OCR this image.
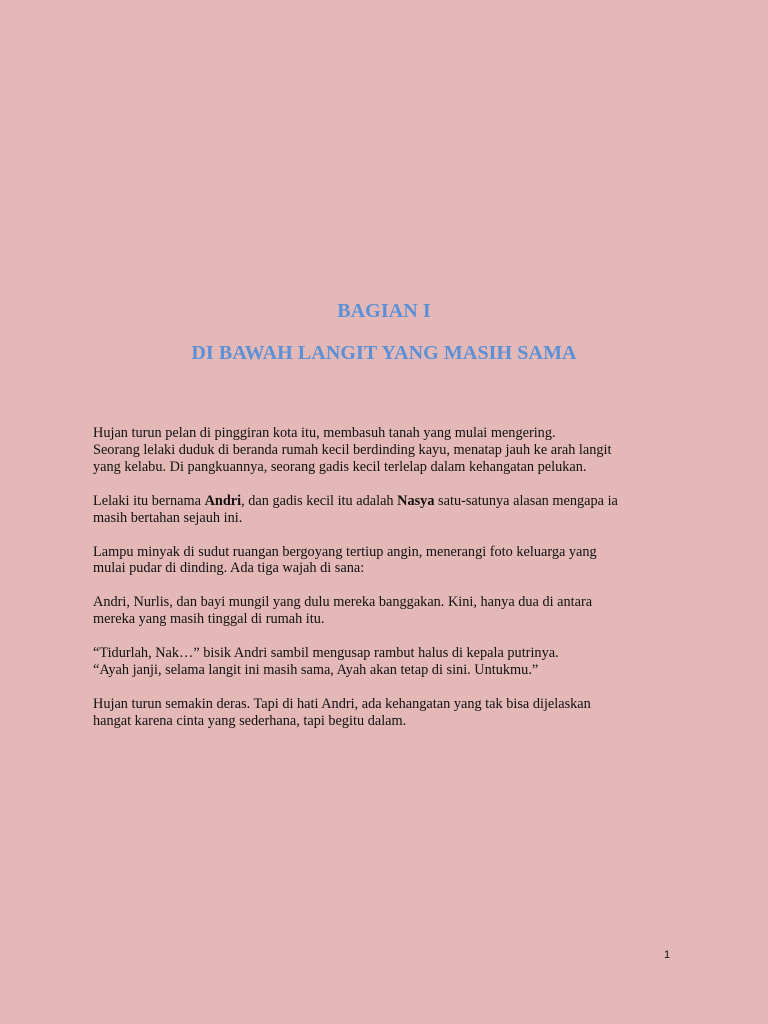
BAGIAN I
DI BAWAH LANGIT YANG MASIH SAMA

Hujan turun pelan di pinggiran kota itu, membasuh tanah yang mulai mengering.
Seorang lelaki duduk di beranda rumah kecil berdinding kayu, menatap jauh ke arah langit
yang kelabu. Di pangkuannya, seorang gadis kecil terlelap dalam kehangatan pelukan.

Lelaki itu bernama Andri, dan gadis kecil itu adalah Nasya satu-satunya alasan mengapa ia
masih bertahan sejauh ini.

Lampu minyak di sudut ruangan bergoyang tertiup angin, menerangi foto keluarga yang
mulai pudar di dinding. Ada tiga wajah di sana:

Andri, Nurlis, dan bayi mungil yang dulu mereka banggakan. Kini, hanya dua di antara
mereka yang masih tinggal di rumah itu.

“Tidurlah, Nak…” bisik Andri sambil mengusap rambut halus di kepala putrinya.
“Ayah janji, selama langit ini masih sama, Ayah akan tetap di sini. Untukmu.”

Hujan turun semakin deras. Tapi di hati Andri, ada kehangatan yang tak bisa dijelaskan
hangat karena cinta yang sederhana, tapi begitu dalam.

1
